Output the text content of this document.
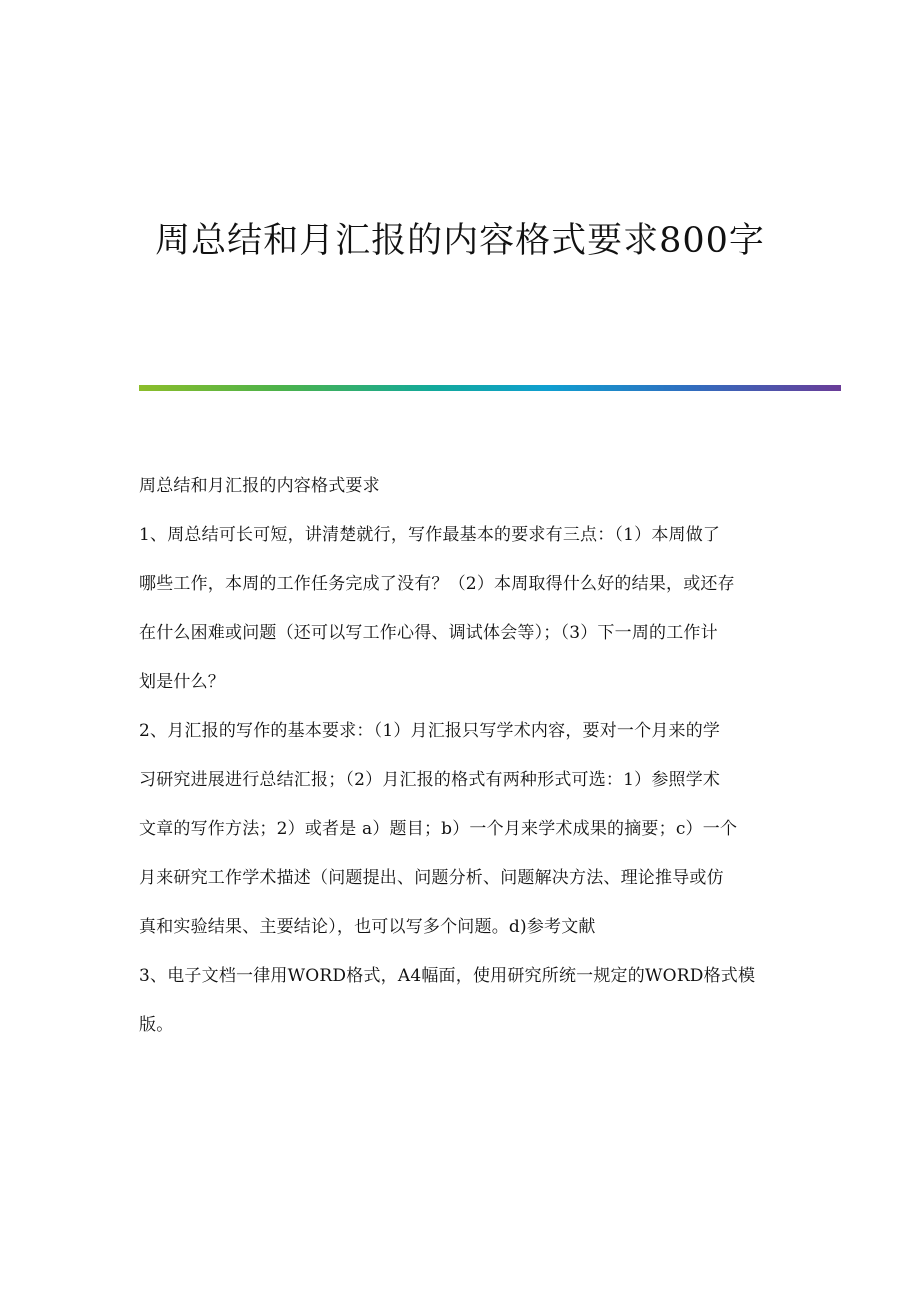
周总结和月汇报的内容格式要求800字

周总结和月汇报的内容格式要求

1、周总结可长可短，讲清楚就行，写作最基本的要求有三点：（1）本周做了
哪些工作，本周的工作任务完成了没有？（2）本周取得什么好的结果，或还存
在什么困难或问题（还可以写工作心得、调试体会等）；（3）下一周的工作计
划是什么？

2、月汇报的写作的基本要求：（1）月汇报只写学术内容，要对一个月来的学
习研究进展进行总结汇报；（2）月汇报的格式有两种形式可选：1）参照学术
文章的写作方法；2）或者是 a）题目；b）一个月来学术成果的摘要；c）一个
月来研究工作学术描述（问题提出、问题分析、问题解决方法、理论推导或仿
真和实验结果、主要结论），也可以写多个问题。d)参考文献

3、电子文档一律用WORD格式，A4幅面，使用研究所统一规定的WORD格式模
版。
